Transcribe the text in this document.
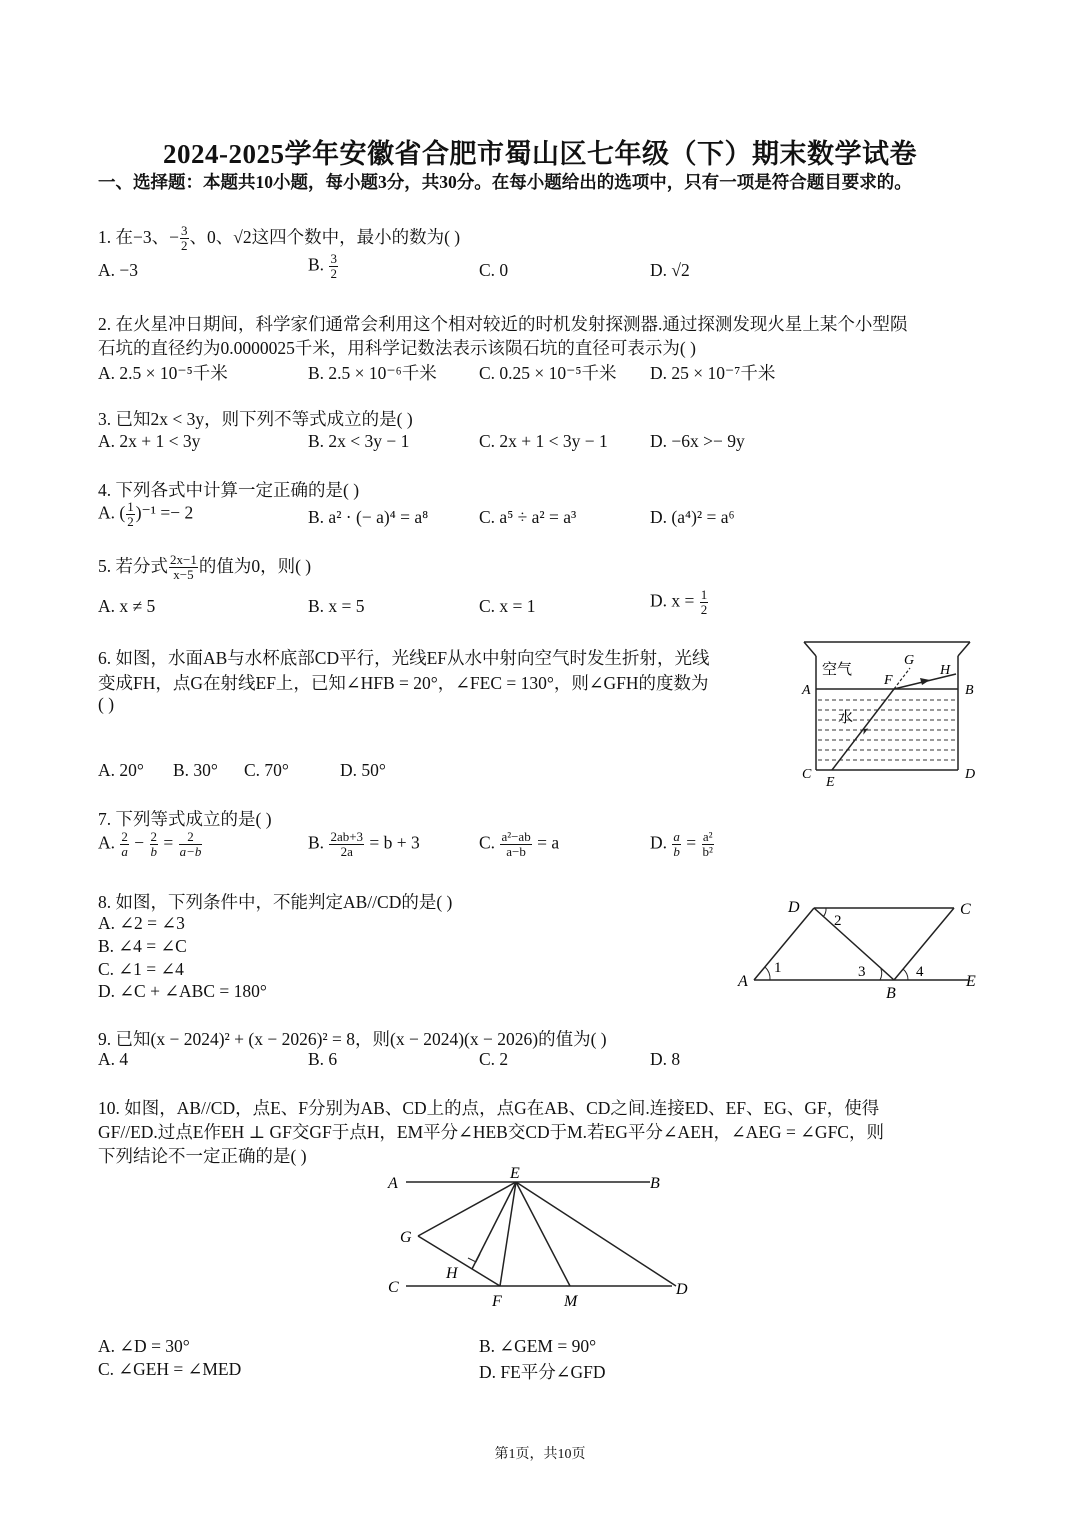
2024-2025学年安徽省合肥市蜀山区七年级（下）期末数学试卷
一、选择题：本题共10小题，每小题3分，共30分。在每小题给出的选项中，只有一项是符合题目要求的。
1. 在−3、− $\frac{3}{2}$ 、0、√2这四个数中，最小的数为( )
A. −3	B. $\frac{3}{2}$	C. 0	D. √2
2. 在火星冲日期间，科学家们通常会利用这个相对较近的时机发射探测器.通过探测发现火星上某个小型陨
石坑的直径约为0.0000025千米，用科学记数法表示该陨石坑的直径可表示为( )
A. 2.5 × 10⁻⁵千米	B. 2.5 × 10⁻⁶千米 C. 0.25 × 10⁻⁵千米 D. 25 × 10⁻⁷千米
3. 已知2x < 3y，则下列不等式成立的是( )
A. 2x + 1 < 3y	B. 2x < 3y − 1	C. 2x + 1 < 3y − 1 D. −6x >− 9y
4. 下列各式中计算一定正确的是( )
A. ( $\frac{1}{2} )^{-1} =- 2$	B. a² · (− a)⁴ = a⁸	C. a⁵ ÷ a² = a³	D. (a⁴)² = a⁶
5. 若分式 $\frac{2x-1}{x-5}$ 的值为0，则( )
A. x ≠ 5	B. x = 5	C. x = 1	D. $x = \frac{1}{2}$
6. 如图，水面AB与水杯底部CD平行，光线EF从水中射向空气时发生折射，光线
变成FH，点G在射线EF上，已知∠HFB = 20°，∠FEC = 130°，则∠GFH的度数为
( )
A. 20° B. 30° C. 70°	D. 50°
空气
水
A	B
C	D
E
F
G
H
7. 下列等式成立的是( )
A. $\frac{2}{a} - \frac{2}{b} = \frac{2}{a-b}$	B. $\frac{2ab+3}{2a} = b + 3$	C. $\frac{\text{a²−ab}}{a-b} = a$	D. $\frac{a}{b} = \frac{\text{a²}}{\text{b²}}$
8. 如图，下列条件中，不能判定AB//CD的是( )
A. ∠2 = ∠3
B. ∠4 = ∠C
C. ∠1 = ∠4
D. ∠C + ∠ABC = 180°	A
B
C
D
E
1
2
3	4
9. 已知(x − 2024)² + (x − 2026)² = 8，则(x − 2024)(x − 2026)的值为( )
A. 4	B. 6	C. 2	D. 8
10. 如图，AB//CD，点E、F分别为AB、CD上的点，点G在AB、CD之间.连接ED、EF、EG、GF，使得
GF//ED.过点E作EH ⊥ GF交GF于点H，EM平分∠HEB交CD于M.若EG平分∠AEH，∠AEG = ∠GFC，则
下列结论不一定正确的是( )
A	B
C	D
E
F
G
H
M
A. ∠D = 30°	B. ∠GEM = 90°
C. ∠GEH = ∠MED	D. FE平分∠GFD
第1页，共10页
